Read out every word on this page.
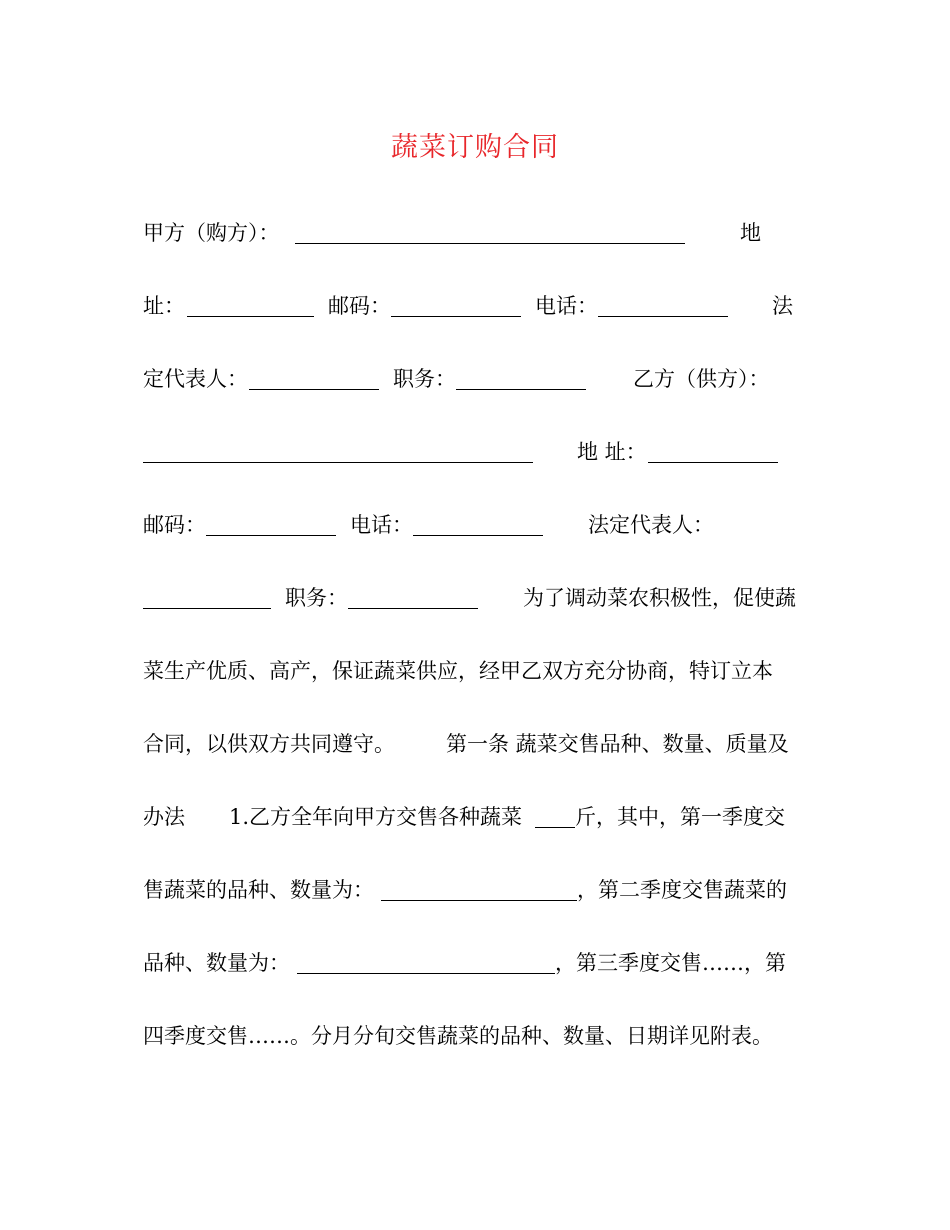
蔬菜订购合同
甲方（购方）：	地
址：	邮码：	电话：	法
定代表人：	职务：	乙方（供方）：
地 址：
邮码：	电话：	法定代表人：
职务：	为了调动菜农积极性，促使蔬
菜生产优质、高产，保证蔬菜供应，经甲乙双方充分协商，特订立本
合同，以供双方共同遵守。 第一条 蔬菜交售品种、数量、质量及
办法 1.乙方全年向甲方交售各种蔬菜	斤，其中，第一季度交
售蔬菜的品种、数量为：	，第二季度交售蔬菜的
品种、数量为：	，第三季度交售……，第
四季度交售……。分月分旬交售蔬菜的品种、数量、日期详见附表。
